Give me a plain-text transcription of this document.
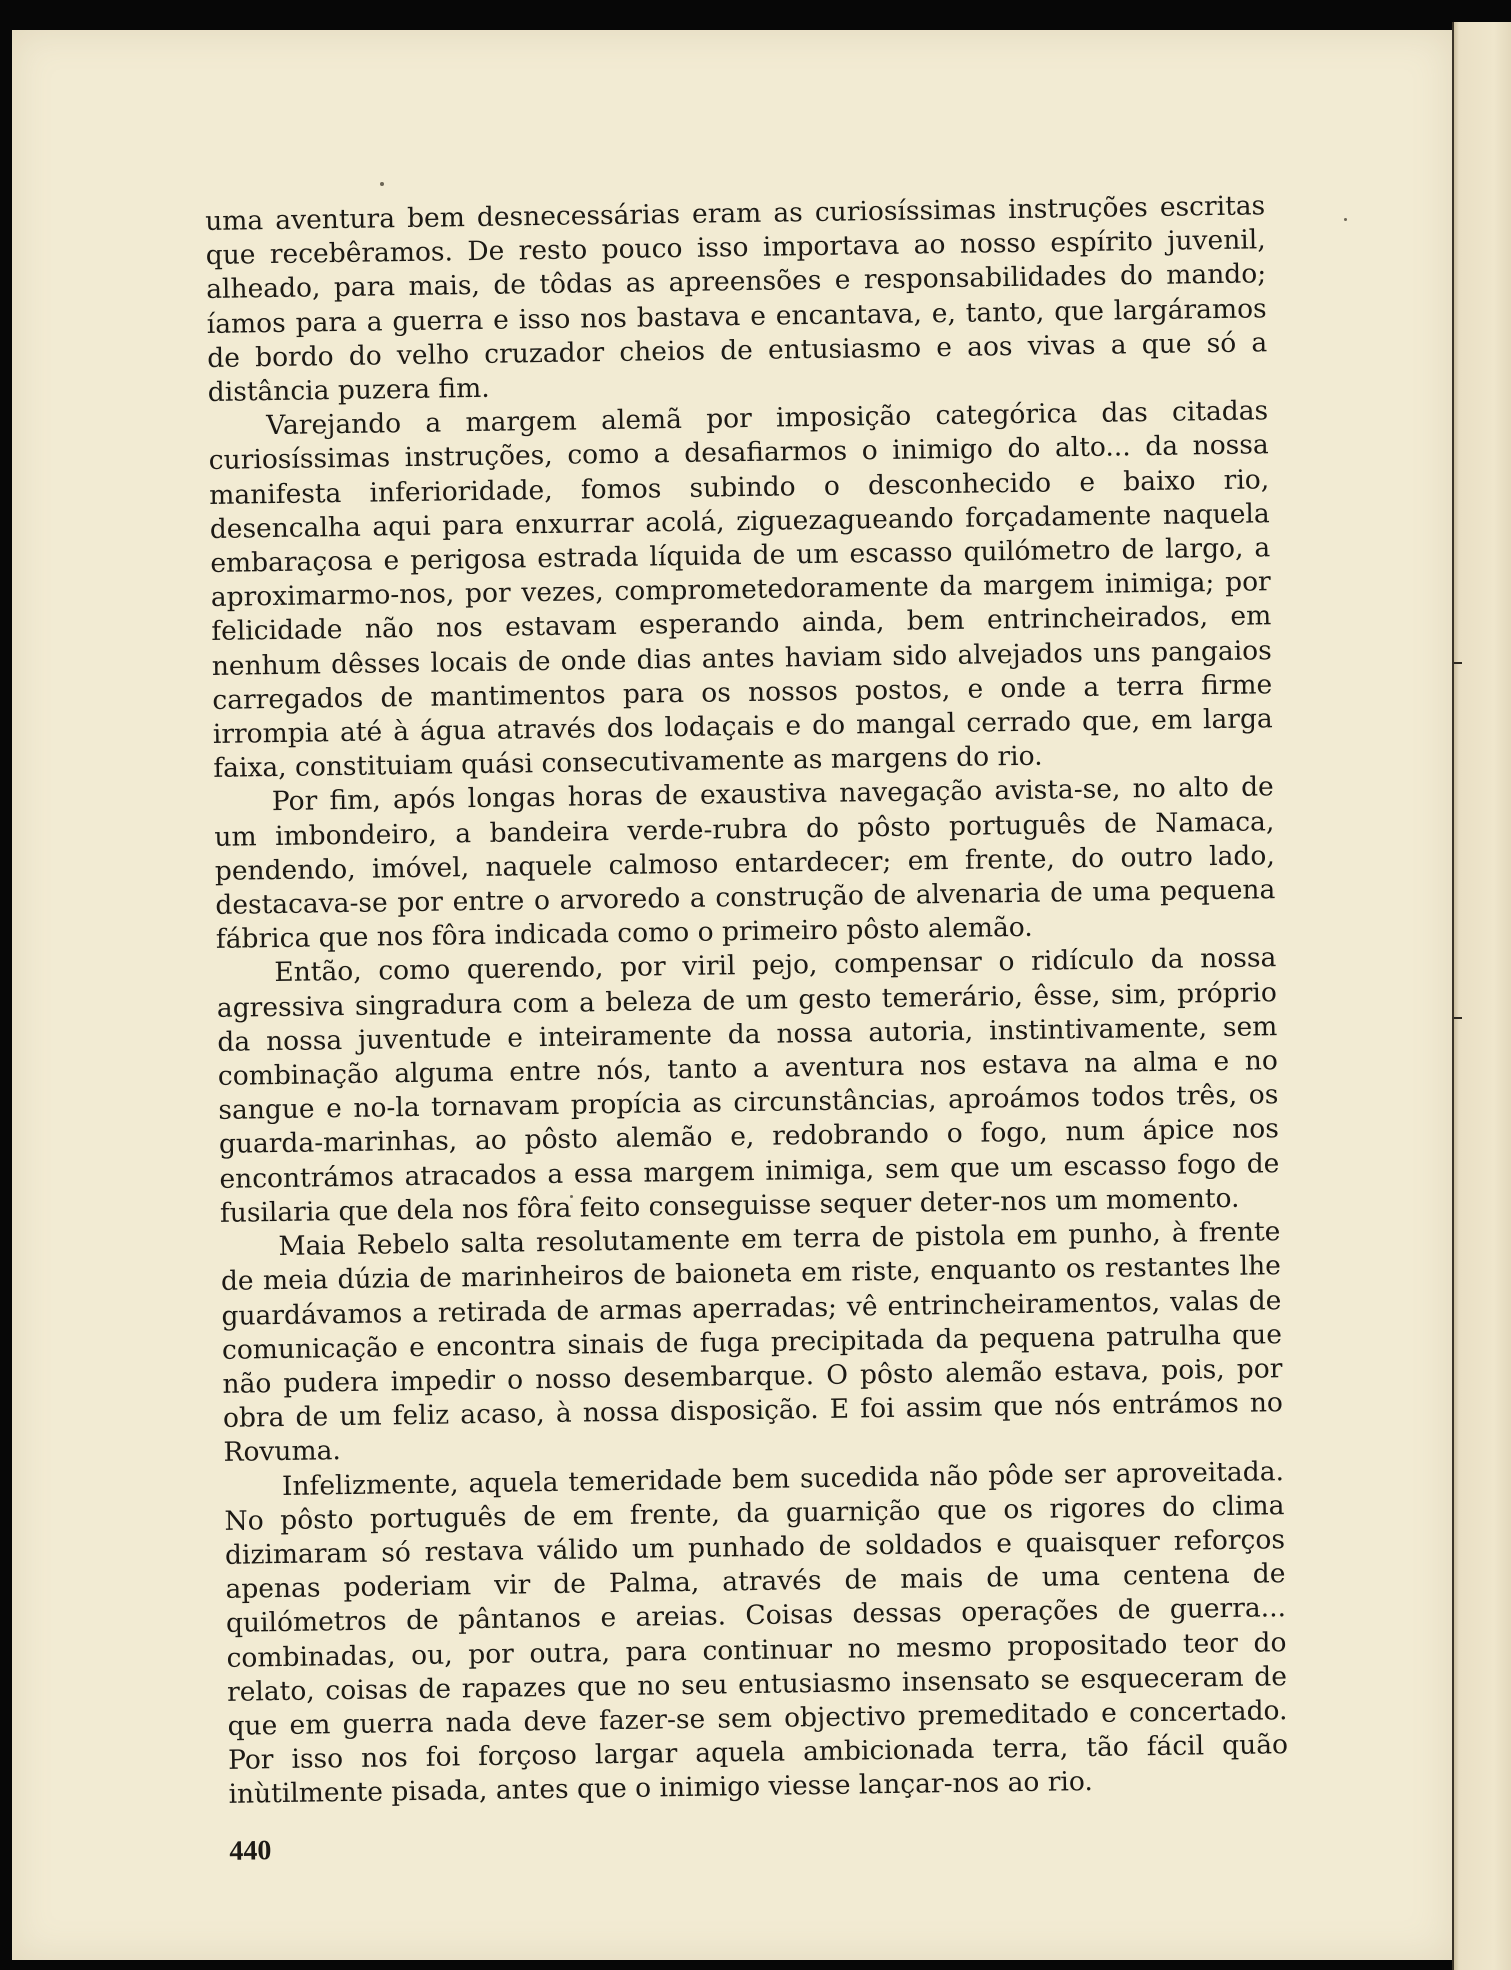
uma aventura bem desnecessárias eram as curiosíssimas instruções escritas que recebêramos. De resto pouco isso importava ao nosso espírito juvenil, alheado, para mais, de tôdas as apreensões e responsabilidades do mando; íamos para a guerra e isso nos bastava e encantava, e, tanto, que largáramos de bordo do velho cruzador cheios de entusiasmo e aos vivas a que só a distância puzera fim.

Varejando a margem alemã por imposição categórica das citadas curiosíssimas instruções, como a desafiarmos o inimigo do alto... da nossa manifesta inferioridade, fomos subindo o desconhecido e baixo rio, desencalha aqui para enxurrar acolá, ziguezagueando forçadamente naquela embaraçosa e perigosa estrada líquida de um escasso quilómetro de largo, a aproximarmo-nos, por vezes, comprometedoramente da margem inimiga; por felicidade não nos estavam esperando ainda, bem entrincheirados, em nenhum dêsses locais de onde dias antes haviam sido alvejados uns pangaios carregados de mantimentos para os nossos postos, e onde a terra firme irrompia até à água através dos lodaçais e do mangal cerrado que, em larga faixa, constituiam quási consecutivamente as margens do rio.

Por fim, após longas horas de exaustiva navegação avista-se, no alto de um imbondeiro, a bandeira verde-rubra do pôsto português de Namaca, pendendo, imóvel, naquele calmoso entardecer; em frente, do outro lado, destacava-se por entre o arvoredo a construção de alvenaria de uma pequena fábrica que nos fôra indicada como o primeiro pôsto alemão.

Então, como querendo, por viril pejo, compensar o ridículo da nossa agressiva singradura com a beleza de um gesto temerário, êsse, sim, próprio da nossa juventude e inteiramente da nossa autoria, instintivamente, sem combinação alguma entre nós, tanto a aventura nos estava na alma e no sangue e no-la tornavam propícia as circunstâncias, aproámos todos três, os guarda-marinhas, ao pôsto alemão e, redobrando o fogo, num ápice nos encontrámos atracados a essa margem inimiga, sem que um escasso fogo de fusilaria que dela nos fôra feito conseguisse sequer deter-nos um momento.

Maia Rebelo salta resolutamente em terra de pistola em punho, à frente de meia dúzia de marinheiros de baioneta em riste, enquanto os restantes lhe guardávamos a retirada de armas aperradas; vê entrincheiramentos, valas de comunicação e encontra sinais de fuga precipitada da pequena patrulha que não pudera impedir o nosso desembarque. O pôsto alemão estava, pois, por obra de um feliz acaso, à nossa disposição. E foi assim que nós entrámos no Rovuma.

Infelizmente, aquela temeridade bem sucedida não pôde ser aproveitada. No pôsto português de em frente, da guarnição que os rigores do clima dizimaram só restava válido um punhado de soldados e quaisquer reforços apenas poderiam vir de Palma, através de mais de uma centena de quilómetros de pântanos e areias. Coisas dessas operações de guerra... combinadas, ou, por outra, para continuar no mesmo propositado teor do relato, coisas de rapazes que no seu entusiasmo insensato se esqueceram de que em guerra nada deve fazer-se sem objectivo premeditado e concertado. Por isso nos foi forçoso largar aquela ambicionada terra, tão fácil quão inùtilmente pisada, antes que o inimigo viesse lançar-nos ao rio.

440
